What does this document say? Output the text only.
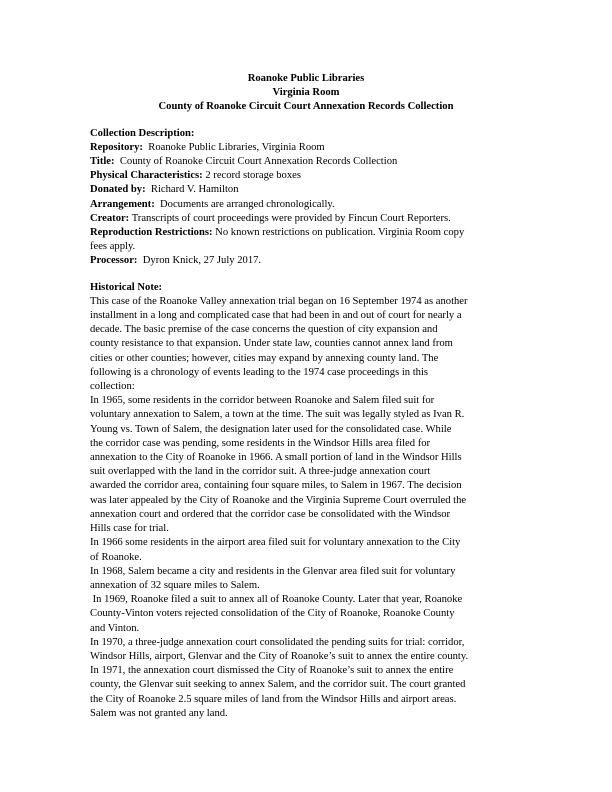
Roanoke Public Libraries
Virginia Room
County of Roanoke Circuit Court Annexation Records Collection
Collection Description:
Repository: Roanoke Public Libraries, Virginia Room
Title: County of Roanoke Circuit Court Annexation Records Collection
Physical Characteristics: 2 record storage boxes
Donated by: Richard V. Hamilton
Arrangement: Documents are arranged chronologically.
Creator: Transcripts of court proceedings were provided by Fincun Court Reporters.
Reproduction Restrictions: No known restrictions on publication. Virginia Room copy
fees apply.
Processor: Dyron Knick, 27 July 2017.
Historical Note:
This case of the Roanoke Valley annexation trial began on 16 September 1974 as another
installment in a long and complicated case that had been in and out of court for nearly a
decade. The basic premise of the case concerns the question of city expansion and
county resistance to that expansion. Under state law, counties cannot annex land from
cities or other counties; however, cities may expand by annexing county land. The
following is a chronology of events leading to the 1974 case proceedings in this
collection:
In 1965, some residents in the corridor between Roanoke and Salem filed suit for
voluntary annexation to Salem, a town at the time. The suit was legally styled as Ivan R.
Young vs. Town of Salem, the designation later used for the consolidated case. While
the corridor case was pending, some residents in the Windsor Hills area filed for
annexation to the City of Roanoke in 1966. A small portion of land in the Windsor Hills
suit overlapped with the land in the corridor suit. A three-judge annexation court
awarded the corridor area, containing four square miles, to Salem in 1967. The decision
was later appealed by the City of Roanoke and the Virginia Supreme Court overruled the
annexation court and ordered that the corridor case be consolidated with the Windsor
Hills case for trial.
In 1966 some residents in the airport area filed suit for voluntary annexation to the City
of Roanoke.
In 1968, Salem became a city and residents in the Glenvar area filed suit for voluntary
annexation of 32 square miles to Salem.
In 1969, Roanoke filed a suit to annex all of Roanoke County. Later that year, Roanoke
County-Vinton voters rejected consolidation of the City of Roanoke, Roanoke County
and Vinton.
In 1970, a three-judge annexation court consolidated the pending suits for trial: corridor,
Windsor Hills, airport, Glenvar and the City of Roanoke’s suit to annex the entire county.
In 1971, the annexation court dismissed the City of Roanoke’s suit to annex the entire
county, the Glenvar suit seeking to annex Salem, and the corridor suit. The court granted
the City of Roanoke 2.5 square miles of land from the Windsor Hills and airport areas.
Salem was not granted any land.
